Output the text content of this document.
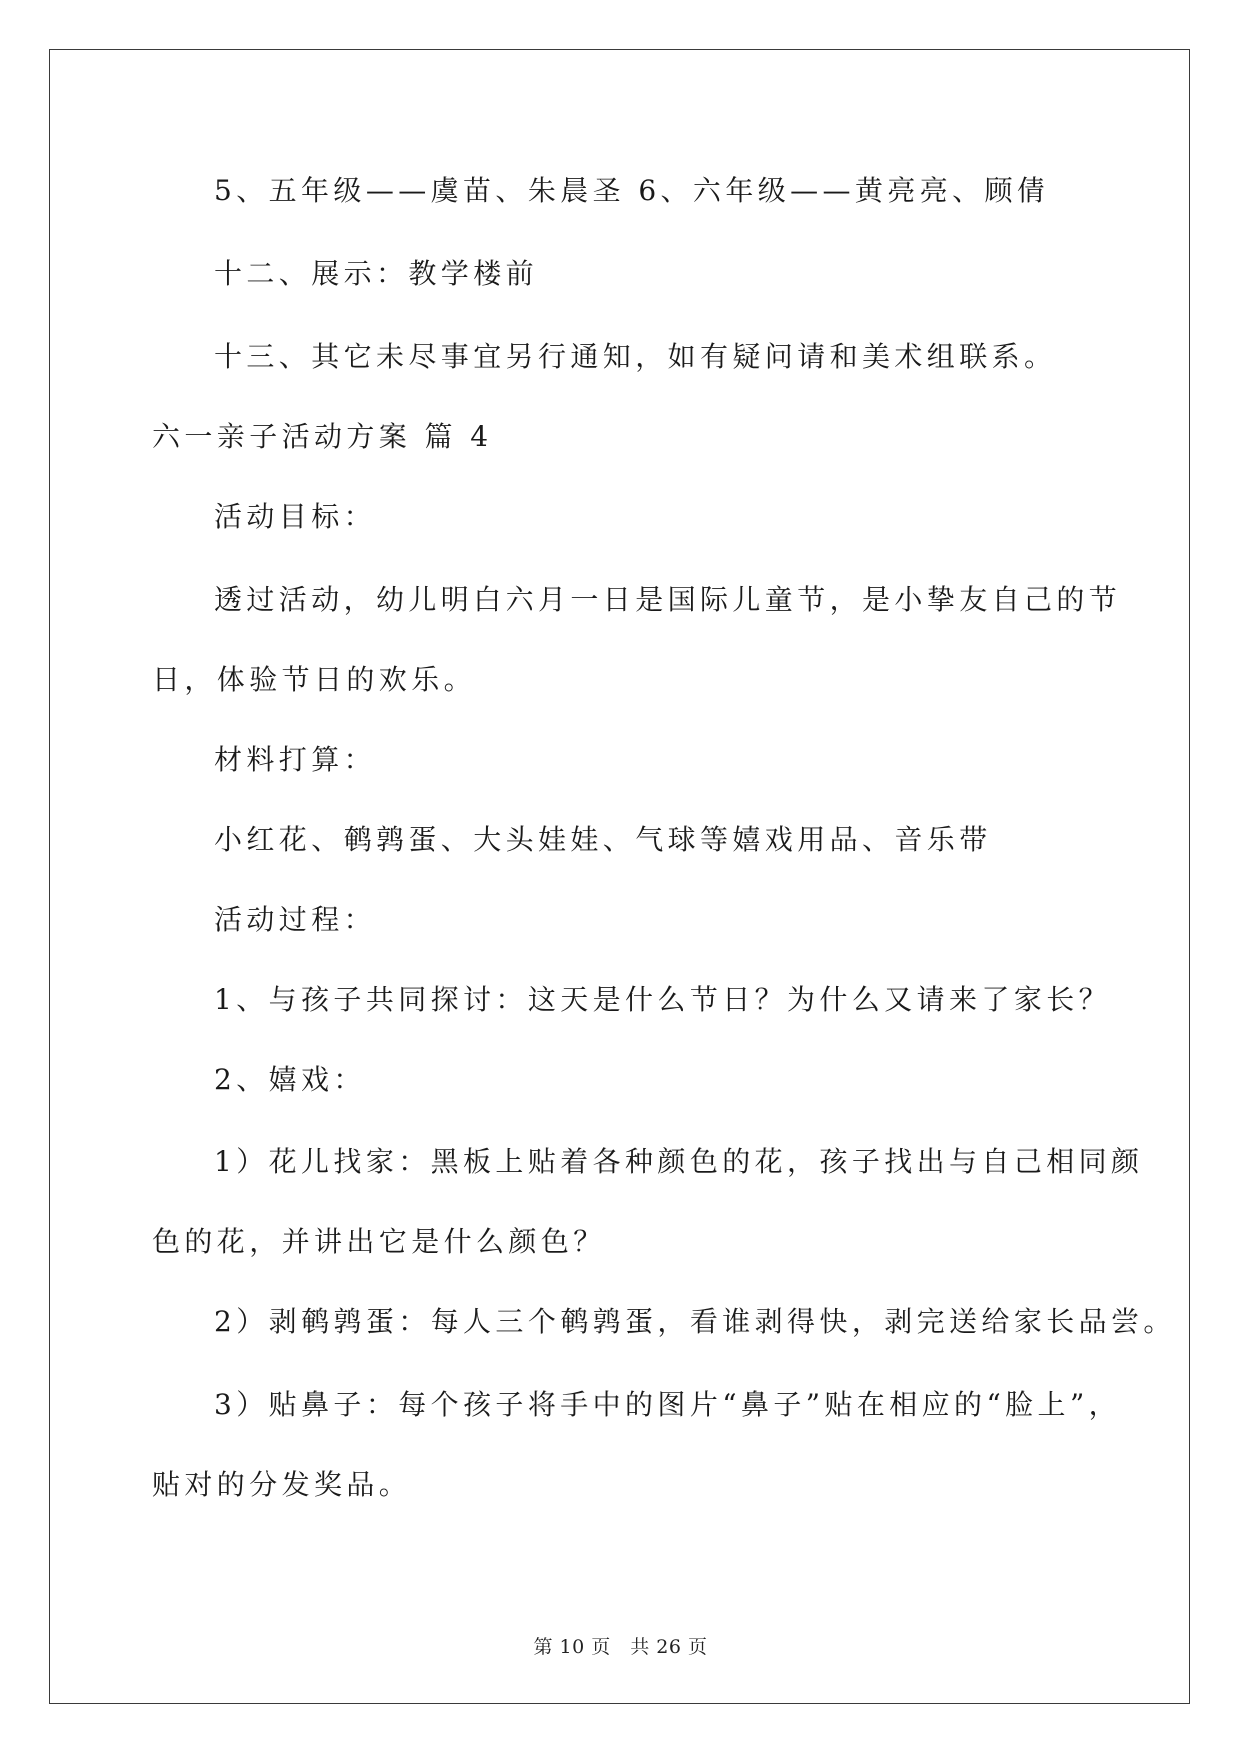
5、五年级——虞苗、朱晨圣 6、六年级——黄亮亮、顾倩
十二、展示：教学楼前
十三、其它未尽事宜另行通知，如有疑问请和美术组联系。
六一亲子活动方案 篇 4
活动目标：
透过活动，幼儿明白六月一日是国际儿童节，是小挚友自己的节
日，体验节日的欢乐。
材料打算：
小红花、鹌鹑蛋、大头娃娃、气球等嬉戏用品、音乐带
活动过程：
1、与孩子共同探讨：这天是什么节日？为什么又请来了家长？
2、嬉戏：
1）花儿找家：黑板上贴着各种颜色的花，孩子找出与自己相同颜
色的花，并讲出它是什么颜色？
2）剥鹌鹑蛋：每人三个鹌鹑蛋，看谁剥得快，剥完送给家长品尝。
3）贴鼻子：每个孩子将手中的图片“鼻子”贴在相应的“脸上”，
贴对的分发奖品。
第 10 页　共 26 页
